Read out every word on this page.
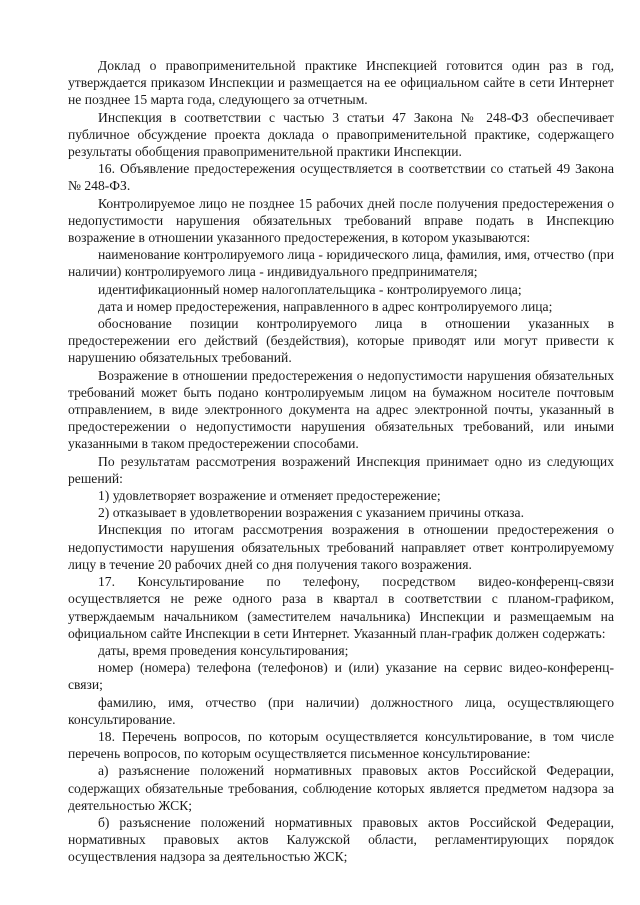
Доклад о правоприменительной практике Инспекцией готовится один раз в год, утверждается приказом Инспекции и размещается на ее официальном сайте в сети Интернет не позднее 15 марта года, следующего за отчетным.

Инспекция в соответствии с частью 3 статьи 47 Закона № 248-ФЗ обеспечивает публичное обсуждение проекта доклада о правоприменительной практике, содержащего результаты обобщения правоприменительной практики Инспекции.

16. Объявление предостережения осуществляется в соответствии со статьей 49 Закона № 248-ФЗ.

Контролируемое лицо не позднее 15 рабочих дней после получения предостережения о недопустимости нарушения обязательных требований вправе подать в Инспекцию возражение в отношении указанного предостережения, в котором указываются:

наименование контролируемого лица - юридического лица, фамилия, имя, отчество (при наличии) контролируемого лица - индивидуального предпринимателя;

идентификационный номер налогоплательщика - контролируемого лица;

дата и номер предостережения, направленного в адрес контролируемого лица;

обоснование позиции контролируемого лица в отношении указанных в предостережении его действий (бездействия), которые приводят или могут привести к нарушению обязательных требований.

Возражение в отношении предостережения о недопустимости нарушения обязательных требований может быть подано контролируемым лицом на бумажном носителе почтовым отправлением, в виде электронного документа на адрес электронной почты, указанный в предостережении о недопустимости нарушения обязательных требований, или иными указанными в таком предостережении способами.

По результатам рассмотрения возражений Инспекция принимает одно из следующих решений:

1) удовлетворяет возражение и отменяет предостережение;

2) отказывает в удовлетворении возражения с указанием причины отказа.

Инспекция по итогам рассмотрения возражения в отношении предостережения о недопустимости нарушения обязательных требований направляет ответ контролируемому лицу в течение 20 рабочих дней со дня получения такого возражения.

17. Консультирование по телефону, посредством видео-конференц-связи осуществляется не реже одного раза в квартал в соответствии с планом-графиком, утверждаемым начальником (заместителем начальника) Инспекции и размещаемым на официальном сайте Инспекции в сети Интернет. Указанный план-график должен содержать:

даты, время проведения консультирования;

номер (номера) телефона (телефонов) и (или) указание на сервис видео-конференц-связи;

фамилию, имя, отчество (при наличии) должностного лица, осуществляющего консультирование.

18. Перечень вопросов, по которым осуществляется консультирование, в том числе перечень вопросов, по которым осуществляется письменное консультирование:

а) разъяснение положений нормативных правовых актов Российской Федерации, содержащих обязательные требования, соблюдение которых является предметом надзора за деятельностью ЖСК;

б) разъяснение положений нормативных правовых актов Российской Федерации, нормативных правовых актов Калужской области, регламентирующих порядок осуществления надзора за деятельностью ЖСК;
